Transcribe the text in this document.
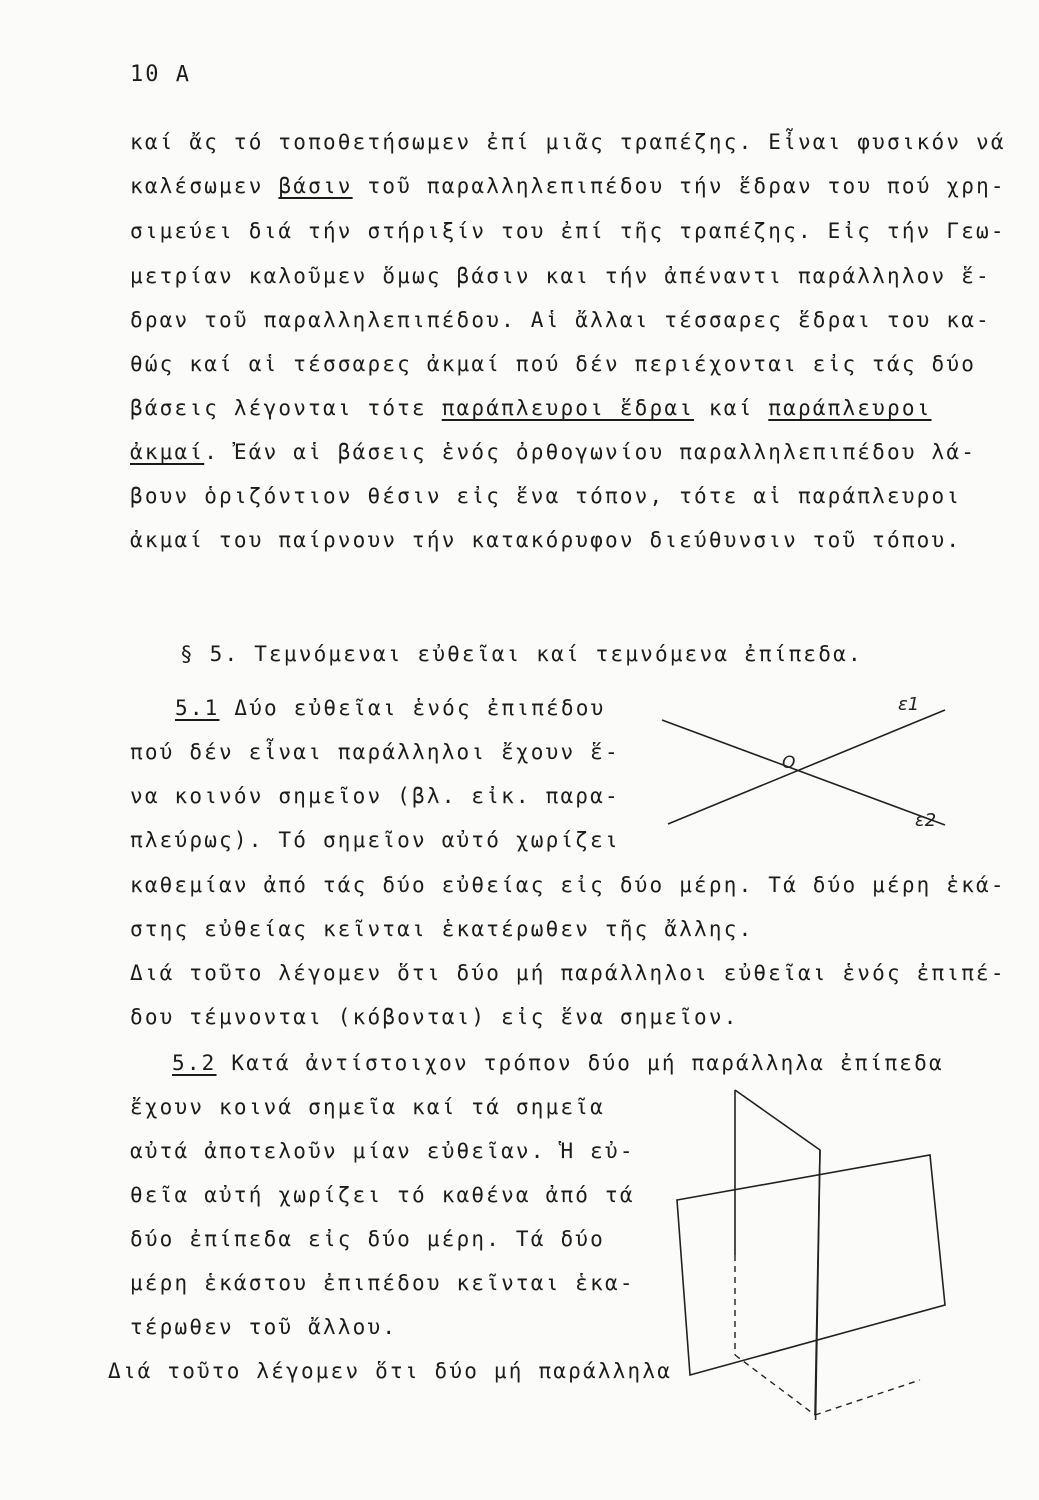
10 Α
καί ἄς τό τοποθετήσωμεν ἐπί μιᾶς τραπέζης. Εἶναι φυσικόν νά
καλέσωμεν βάσιν τοῦ παραλληλεπιπέδου τήν ἕδραν του πού χρη-
σιμεύει διά τήν στήριξίν του ἐπί τῆς τραπέζης. Εἰς τήν Γεω-
μετρίαν καλοῦμεν ὅμως βάσιν και τήν ἀπέναντι παράλληλον ἕ-
δραν τοῦ παραλληλεπιπέδου. Αἱ ἄλλαι τέσσαρες ἕδραι του κα-
θώς καί αἱ τέσσαρες ἀκμαί πού δέν περιέχονται εἰς τάς δύο
βάσεις λέγονται τότε παράπλευροι ἕδραι καί παράπλευροι
ἀκμαί. Ἐάν αἱ βάσεις ἑνός ὀρθογωνίου παραλληλεπιπέδου λά-
βουν ὁριζόντιον θέσιν εἰς ἕνα τόπον, τότε αἱ παράπλευροι
ἀκμαί του παίρνουν τήν κατακόρυφον διεύθυνσιν τοῦ τόπου.
§ 5. Τεμνόμεναι εὐθεῖαι καί τεμνόμενα ἐπίπεδα.
5.1 Δύο εὐθεῖαι ἑνός ἐπιπέδου
πού δέν εἶναι παράλληλοι ἔχουν ἕ-
να κοινόν σημεῖον (βλ. εἰκ. παρα-
πλεύρως). Τό σημεῖον αὐτό χωρίζει
καθεμίαν ἀπό τάς δύο εὐθείας εἰς δύο μέρη. Τά δύο μέρη ἑκά-
στης εὐθείας κεῖνται ἑκατέρωθεν τῆς ἄλλης.
Διά τοῦτο λέγομεν ὅτι δύο μή παράλληλοι εὐθεῖαι ἑνός ἐπιπέ-
δου τέμνονται (κόβονται) εἰς ἕνα σημεῖον.
ε1
ε2
Ο
5.2 Κατά ἀντίστοιχον τρόπον δύο μή παράλληλα ἐπίπεδα
ἔχουν κοινά σημεῖα καί τά σημεῖα
αὐτά ἀποτελοῦν μίαν εὐθεῖαν. Ἡ εὐ-
θεῖα αὐτή χωρίζει τό καθένα ἀπό τά
δύο ἐπίπεδα εἰς δύο μέρη. Τά δύο
μέρη ἑκάστου ἐπιπέδου κεῖνται ἑκα-
τέρωθεν τοῦ ἄλλου.
Διά τοῦτο λέγομεν ὅτι δύο μή παράλληλα
